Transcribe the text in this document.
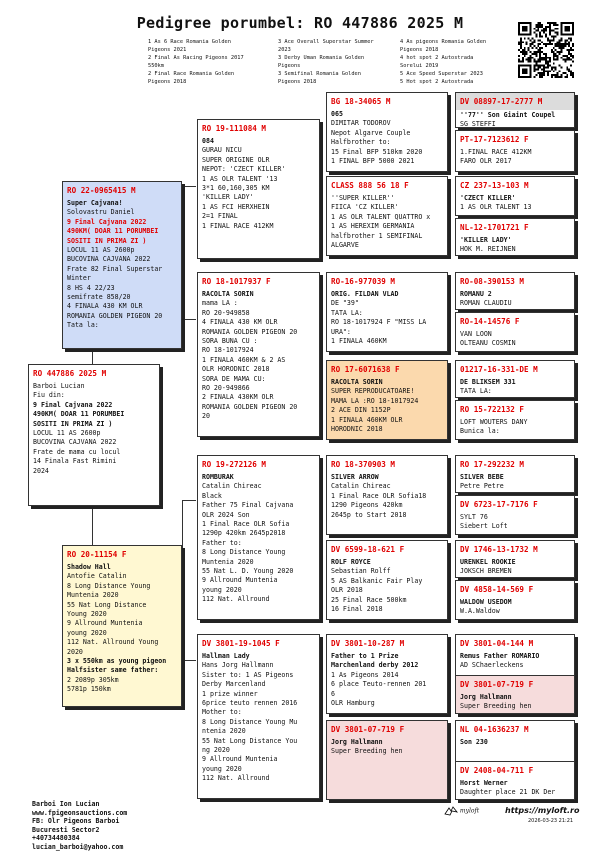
Pedigree porumbel: RO 447886 2025 M
1 As 6 Race Romania Golden
Pigeons 2021
2 Final As Racing Pigeons 2017
550km
2 Final Race Romania Golden
Pigeons 2018
3 Ace Overall Superstar Summer
2023
3 Derby Uman Romania Golden
Pigeons
3 Semifinal Romania Golden
Pigeons 2018
4 As pigeons Romania Golden
Pigeons 2018
4 hot spot 2 Autostrada
Sorelui 2019
5 Ace Speed Superstar 2023
5 Hot spot 2 Autostrada
RO 447886 2025 M
Barboi Lucian
Fiu din:
9 Final Cajvana 2022
490KM( DOAR 11 PORUMBEI
SOSITI IN PRIMA ZI )
LOCUL 11 AS 2600p
BUCOVINA CAJVANA 2022
Frate de mama cu locul
14 Finala Fast Rimini
2024
RO 22-0965415 M
Super Cajvana!
Solovastru Daniel
9 Final Cajvana 2022
490KM( DOAR 11 PORUMBEI
SOSITI IN PRIMA ZI )
LOCUL 11 AS 2600p
BUCOVINA CAJVANA 2022
Frate 82 Final Superstar
Winter
8 HS 4 22/23
semifrate 858/20
4 FINALA 430 KM OLR
ROMANIA GOLDEN PIGEON 20
Tata la:
RO 20-11154 F
Shadow Hall
Antofie Catalin
8 Long Distance Young
Muntenia 2020
55 Nat Long Distance
Young 2020
9 Allround Muntenia
young 2020
112 Nat. Allround Young
2020
3 x 550km as young pigeon
Halfsister same father:
2 2089p 305km
5781p 150km
RO 19-111084 M
084
GURAU NICU
SUPER ORIGINE OLR
NEPOT: 'CZECT KILLER'
1 AS OLR TALENT '13
3*1 60,160,305 KM
'KILLER LADY'
1 AS FCI HERXHEIN
2=1 FINAL
1 FINAL RACE 412KM
RO 18-1017937 F
RACOLTA SORIN
mama LA :
RO 20-949858
4 FINALA 430 KM OLR
ROMANIA GOLDEN PIGEON 20
SORA BUNA CU :
RO 18-1017924
1 FINALA 460KM & 2 AS
OLR HORODNIC 2018
SORA DE MAMA CU:
RO 20-949866
2 FINALA 430KM OLR
ROMANIA GOLDEN PIGEON 20
20
RO 19-272126 M
ROMBURAK
Catalin Chireac
Black
Father 75 Final Cajvana
OLR 2024 Son
1 Final Race OLR Sofia
1290p 420km 2645p2018
Father to:
8 Long Distance Young
Muntenia 2020
55 Nat L. D. Young 2020
9 Allround Muntenia
young 2020
112 Nat. Allround
DV 3801-19-1045 F
Hallman Lady
Hans Jorg Hallmann
Sister to: 1 AS Pigeons
Derby Marcenland
1 prize winner
6price teuto rennen 2016
Mother to:
8 Long Distance Young Mu
ntenia 2020
55 Nat Long Distance You
ng 2020
9 Allround Muntenia
young 2020
112 Nat. Allround
BG 18-34065 M
065
DIMITAR TODOROV
Nepot Algarve Couple
Halfbrother to:
15 Final BFP 510km 2020
1 FINAL BFP 5000 2021
CLASS 888 56 18 F
''SUPER KILLER''
FIICA 'CZ KILLER'
1 AS OLR TALENT QUATTRO x
1 AS HEREXIM GERMANIA
halfbrother 1 SEMIFINAL
ALGARVE
RO-16-977039 M
ORIG. FILDAN VLAD
DE "39"
TATA LA:
RO 18-1017924 F "MISS LA
URA":
1 FINALA 460KM
RO 17-6071638 F
RACOLTA SORIN
SUPER REPRODUCATOARE!
MAMA LA :RO 18-1017924
2 ACE DIN 1152P
1 FINALA 460KM OLR
HORODNIC 2018
RO 18-370903 M
SILVER ARROW
Catalin Chireac
1 Final Race OLR Sofia18
1290 Pigeons 420km
2645p to Start 2018
DV 6599-18-621 F
ROLF ROYCE
Sebastian Rolff
5 AS Balkanic Fair Play
OLR 2018
25 Final Race 500km
16 Final 2018
DV 3801-10-287 M
Father to 1 Prize Marchenland derby 2012
1 As Pigeons 2014
6 place Teuto-rennen 201
6
OLR Hamburg
DV 3801-07-719 F
Jorg Hallmann
Super Breeding hen
DV 08897-17-2777 M
''77'' Son Giaint Coupel
SG STEFFI
PT-17-7123612 F
1.FINAL RACE 412KM
FARO OLR 2017
CZ 237-13-103 M
'CZECT KILLER'
1 AS OLR TALENT 13
NL-12-1701721 F
'KILLER LADY'
HOK M. REIJNEN
RO-08-390153 M
ROMANU 2
ROMAN CLAUDIU
RO-14-14576 F
VAN LOON
OLTEANU COSMIN
01217-16-331-DE M
DE BLIKSEM 331
TATA LA:
RO 15-722132 F
LOFT WOUTERS DANY
Bunica la:
RO 17-292232 M
SILVER BEBE
Petre Petre
DV 6723-17-7176 F
SYLT 76
Siebert Loft
DV 1746-13-1732 M
URENKEL ROOKIE
JOKSCH BREMEN
DV 4858-14-569 F
WALDOW USEDOM
W.A.Waldow
DV 3801-04-144 M
Remus Father ROMARIO
AD SChaerleckens
DV 3801-07-719 F
Jorg Hallmann
Super Breeding hen
NL 04-1636237 M
Son 230
DV 2408-04-711 F
Horst Werner
Daughter place 21 DK Der
Barboi Ion Lucian
www.fpigeonsauctions.com
FB: Olr Pigeons Barboi
Bucuresti Sector2
+40734480384
lucian_barboi@yahoo.com
myloft	https://myloft.ro
2026-03-23 21:21
